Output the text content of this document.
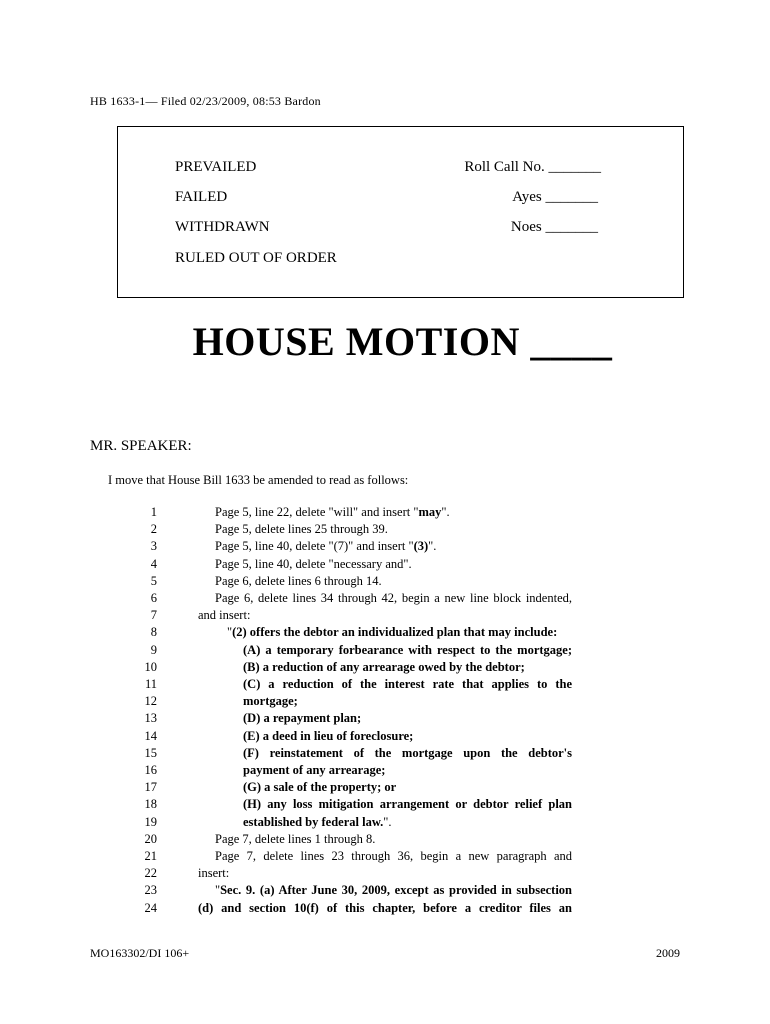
HB 1633-1— Filed 02/23/2009, 08:53 Bardon
PREVAILED
FAILED
WITHDRAWN
RULED OUT OF ORDER
Roll Call No. _______
Ayes _______
Noes _______
HOUSE MOTION ____
MR. SPEAKER:
I move that House Bill 1633 be amended to read as follows:
1	Page 5, line 22, delete "will" and insert "may".
2	Page 5, delete lines 25 through 39.
3	Page 5, line 40, delete "(7)" and insert "(3)".
4	Page 5, line 40, delete "necessary and".
5	Page 6, delete lines 6 through 14.
6	Page 6, delete lines 34 through 42, begin a new line block indented,
7	and insert:
8	"(2) offers the debtor an individualized plan that may include:
9	(A) a temporary forbearance with respect to the mortgage;
10	(B) a reduction of any arrearage owed by the debtor;
11	(C) a reduction of the interest rate that applies to the
12	mortgage;
13	(D) a repayment plan;
14	(E) a deed in lieu of foreclosure;
15	(F) reinstatement of the mortgage upon the debtor's
16	payment of any arrearage;
17	(G) a sale of the property; or
18	(H) any loss mitigation arrangement or debtor relief plan
19	established by federal law.".
20	Page 7, delete lines 1 through 8.
21	Page 7, delete lines 23 through 36, begin a new paragraph and
22	insert:
23	"Sec. 9. (a) After June 30, 2009, except as provided in subsection
24	(d) and section 10(f) of this chapter, before a creditor files an
MO163302/DI 106+	2009
